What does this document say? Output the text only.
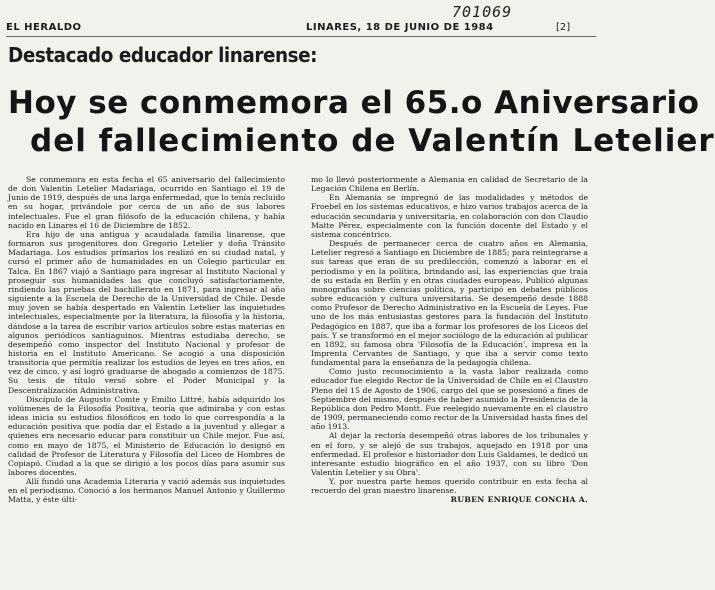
701069
[2]
EL HERALDO	LINARES, 18 DE JUNIO DE 1984
Destacado educador linarense:
Hoy se conmemora el 65.o Aniversario
del fallecimiento de Valentín Letelier

Se conmemora en esta fecha el 65 aniversario del fallecimiento de don Valentín Letelier Madariaga, ocurrido en Santiago el 19 de Junio de 1919, después de una larga enfermedad, que lo tenía recluido en su hogar, privándole por cerca de un año de sus labores intelectuales. Fue el gran filósofo de la educación chilena, y había nacido en Linares el 16 de Diciembre de 1852.

Era hijo de una antigua y acaudalada familia linarense, que formaron sus progenitores don Gregorio Letelier y doña Tránsito Madariaga. Los estudios primarios los realizó en su ciudad natal, y cursó el primer año de humanidades en un Colegio particular en Talca. En 1867 viajó a Santiago para ingresar al Instituto Nacional y proseguir sus humanidades las que concluyó satisfactoriamente, rindiendo las pruebas del bachillerato en 1871, para ingresar al año siguiente a la Escuela de Derecho de la Universidad de Chile. Desde muy joven se había despertado en Valentín Letelier las inquietudes intelectuales, especialmente por la literatura, la filosofía y la historia, dándose a la tarea de escribir varios artículos sobre estas materias en algunos periódicos santiaguinos. Mientras estudiaba derecho, se desempeñó como inspector del Instituto Nacional y profesor de historia en el Instituto Americano. Se acogió a una disposición transitoria que permitía realizar los estudios de leyes en tres años, en vez de cinco, y así logró graduarse de abogado a comienzos de 1875. Su tesis de título versó sobre el Poder Municipal y la Descentralización Administrativa.

Discípulo de Augusto Comte y Emilio Littré, había adquirido los volúmenes de la Filosofía Positiva, teoría que admiraba y con estas ideas inicia su estudios filosóficos en todo lo que correspondía a la educación positiva que podía dar el Estado a la juventud y allegar a quienes era necesario educar para constituir un Chile mejor. Fue así, como en mayo de 1875, el Ministerio de Educación lo designó en calidad de Profesor de Literatura y Filosofía del Liceo de Hombres de Copiapó. Ciudad a la que se dirigió a los pocos días para asumir sus labores docentes.

Allí fundó una Academia Literaria y vació además sus inquietudes en el periodismo. Conoció a los hermanos Manuel Antonio y Guillermo Matta, y éste últi-

mo lo llevó posteriormente a Alemania en calidad de Secretario de la Legación Chilena en Berlín.

En Alemania se impregnó de las modalidades y métodos de Froebel en los sistemas educativos, e hizo varios trabajos acerca de la educación secundaria y universitaria, en colaboración con don Claudio Matte Pérez, especialmente con la función docente del Estado y el sistema concéntrico.

Después de permanecer cerca de cuatro años en Alemania, Letelier regresó a Santiago en Diciembre de 1885; para reintegrarse a sus tareas que eran de su predilección, comenzó a laborar en el periodismo y en la política, brindando así, las experiencias que traía de su estada en Berlín y en otras ciudades europeas. Publicó algunas monografías sobre ciencias política, y participó en debates públicos sobre educación y cultura universitaria. Se desempeñó desde 1888 como Profesor de Derecho Administrativo en la Escuela de Leyes. Fue uno de los más entusiastas gestores para la fundación del Instituto Pedagógico en 1887, que iba a formar los profesores de los Liceos del país. Y se transformó en el mejor sociólogo de la educación al publicar en 1892, su famosa obra 'Filosofía de la Educación', impresa en la Imprenta Cervantes de Santiago, y que iba a servir como texto fundamental para la enseñanza de la pedagogía chilena.

Como justo reconocimiento a la vasta labor realizada como educador fue elegido Rector de la Universidad de Chile en el Claustro Pleno del 15 de Agosto de 1906, cargo del que se posesionó a fines de Septiembre del mismo, después de haber asumido la Presidencia de la República don Pedro Montt. Fue reelegido nuevamente en el claustro de 1909, permaneciendo como rector de la Universidad hasta fines del año 1913.

Al dejar la rectoría desempeñó otras labores de los tribunales y en el foro, y se alejó de sus trabajos, aquejado en 1918 por una enfermedad. El profesor e historiador don Luis Galdames, le dedicó un interesante estudio biográfico en el año 1937, con su libro 'Don Valentín Letelier y su Obra'.

Y, por nuestra parte hemos querido contribuir en esta fecha al recuerdo del gran maestro linarense.

RUBEN ENRIQUE CONCHA A.
